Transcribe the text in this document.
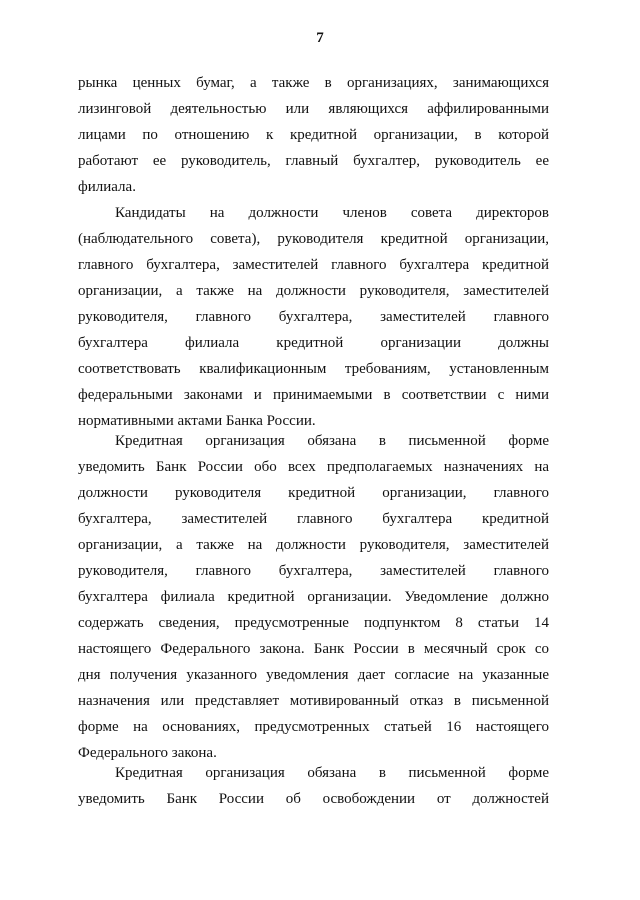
7
рынка ценных бумаг, а также в организациях, занимающихся
лизинговой деятельностью или являющихся аффилированными
лицами по отношению к кредитной организации, в которой
работают ее руководитель, главный бухгалтер, руководитель ее
филиала.
Кандидаты на должности членов совета директоров
(наблюдательного совета), руководителя кредитной организации,
главного бухгалтера, заместителей главного бухгалтера кредитной
организации, а также на должности руководителя, заместителей
руководителя, главного бухгалтера, заместителей главного
бухгалтера филиала кредитной организации должны
соответствовать квалификационным требованиям, установленным
федеральными законами и принимаемыми в соответствии с ними
нормативными актами Банка России.
Кредитная организация обязана в письменной форме
уведомить Банк России обо всех предполагаемых назначениях на
должности руководителя кредитной организации, главного
бухгалтера, заместителей главного бухгалтера кредитной
организации, а также на должности руководителя, заместителей
руководителя, главного бухгалтера, заместителей главного
бухгалтера филиала кредитной организации. Уведомление должно
содержать сведения, предусмотренные подпунктом 8 статьи 14
настоящего Федерального закона. Банк России в месячный срок со
дня получения указанного уведомления дает согласие на указанные
назначения или представляет мотивированный отказ в письменной
форме на основаниях, предусмотренных статьей 16 настоящего
Федерального закона.
Кредитная организация обязана в письменной форме
уведомить Банк России об освобождении от должностей
